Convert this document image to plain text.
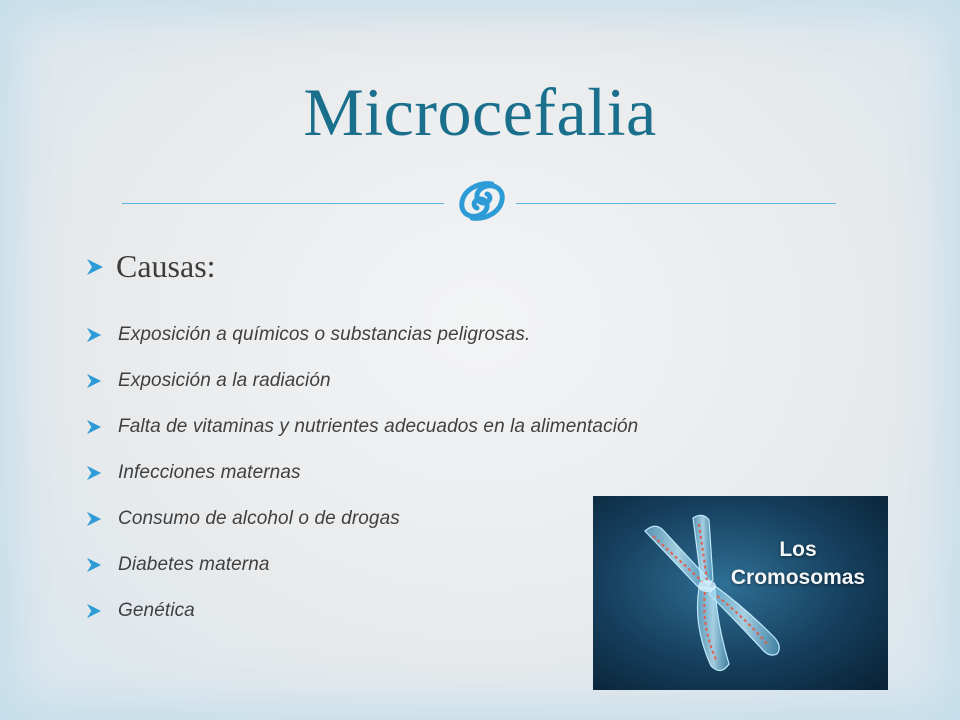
Microcefalia
Causas:
Exposición a químicos o substancias peligrosas.
Exposición a la radiación
Falta de vitaminas y nutrientes adecuados en la alimentación
Infecciones maternas
Consumo de alcohol o de drogas
Diabetes materna
Genética
Los
Cromosomas
